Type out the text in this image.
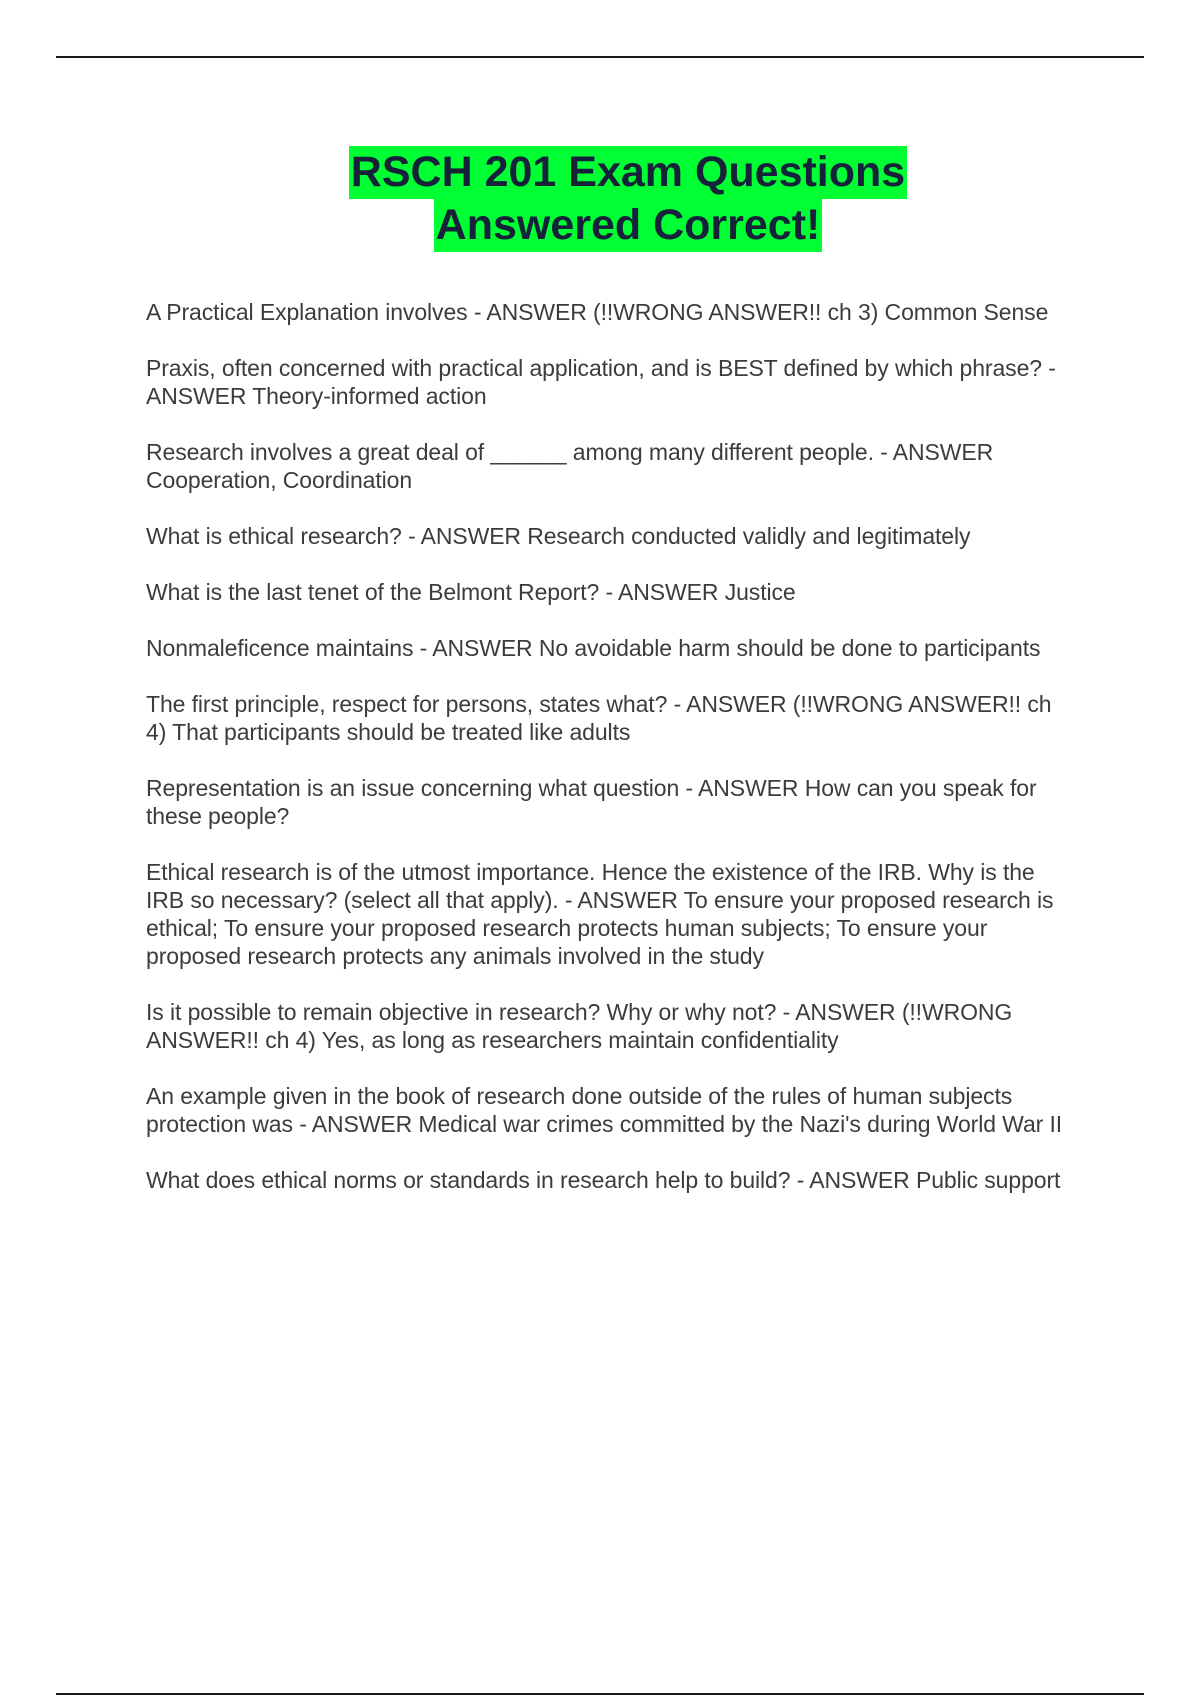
RSCH 201 Exam Questions
Answered Correct!
A Practical Explanation involves - ANSWER (!!WRONG ANSWER!! ch 3) Common Sense
Praxis, often concerned with practical application, and is BEST defined by which phrase? - ANSWER Theory-informed action
Research involves a great deal of ______ among many different people. - ANSWER Cooperation, Coordination
What is ethical research? - ANSWER Research conducted validly and legitimately
What is the last tenet of the Belmont Report? - ANSWER Justice
Nonmaleficence maintains - ANSWER No avoidable harm should be done to participants
The first principle, respect for persons, states what? - ANSWER (!!WRONG ANSWER!! ch 4) That participants should be treated like adults
Representation is an issue concerning what question - ANSWER How can you speak for these people?
Ethical research is of the utmost importance. Hence the existence of the IRB. Why is the IRB so necessary? (select all that apply). - ANSWER To ensure your proposed research is ethical; To ensure your proposed research protects human subjects; To ensure your proposed research protects any animals involved in the study
Is it possible to remain objective in research? Why or why not? - ANSWER (!!WRONG ANSWER!! ch 4) Yes, as long as researchers maintain confidentiality
An example given in the book of research done outside of the rules of human subjects protection was - ANSWER Medical war crimes committed by the Nazi's during World War II
What does ethical norms or standards in research help to build? - ANSWER Public support
